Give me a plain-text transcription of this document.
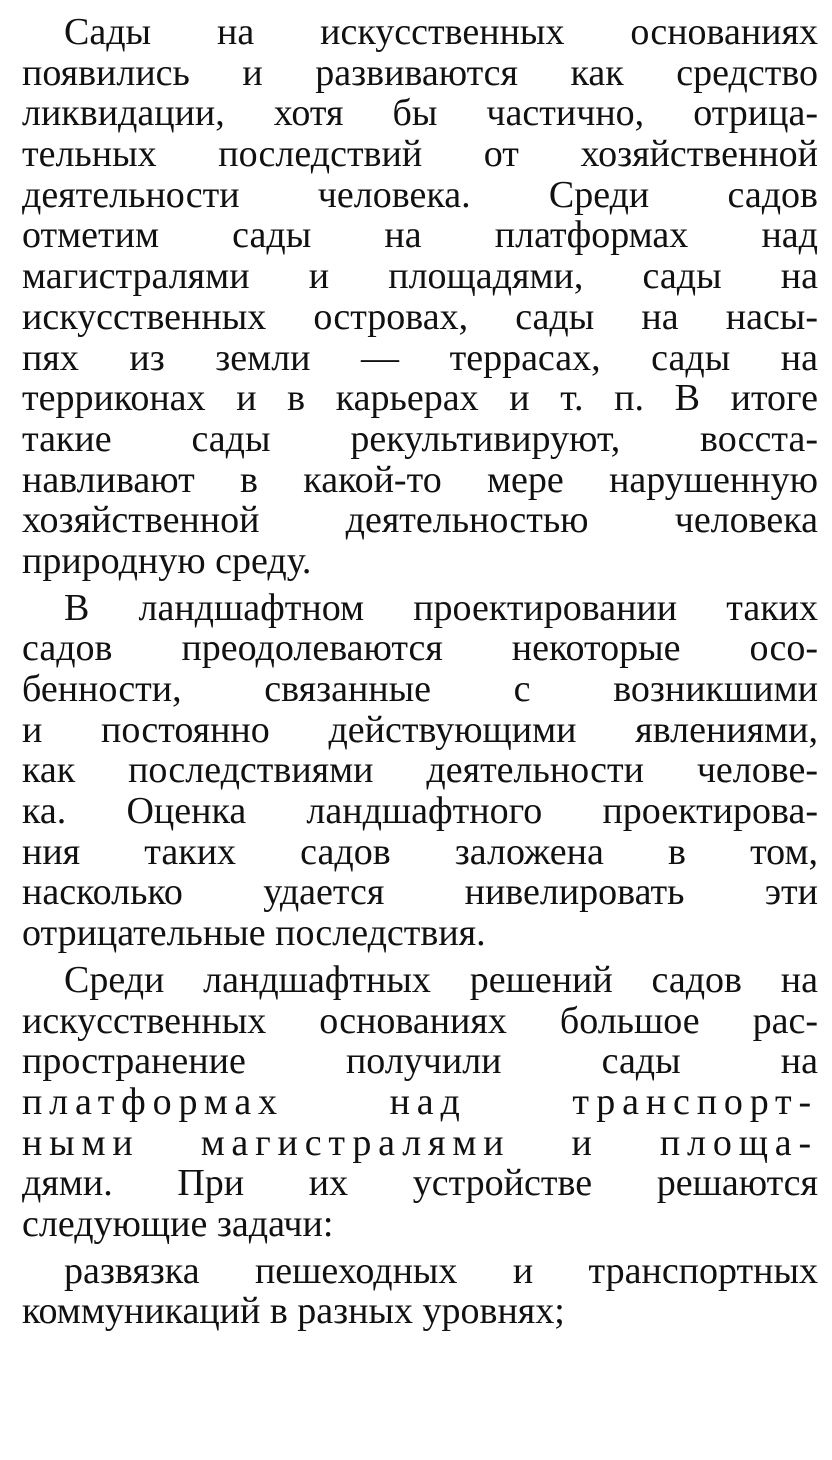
Сады на искусственных основаниях
появились и развиваются как средство
ликвидации, хотя бы частично, отрица-
тельных последствий от хозяйственной
деятельности человека. Среди садов
отметим сады на платформах над
магистралями и площадями, сады на
искусственных островах, сады на насы-
пях из земли — террасах, сады на
терриконах и в карьерах и т. п. В итоге
такие сады рекультивируют, восста-
навливают в какой-то мере нарушенную
хозяйственной деятельностью человека
природную среду.
В ландшафтном проектировании таких
садов преодолеваются некоторые осо-
бенности, связанные с возникшими
и постоянно действующими явлениями,
как последствиями деятельности челове-
ка. Оценка ландшафтного проектирова-
ния таких садов заложена в том,
насколько удается нивелировать эти
отрицательные последствия.
Среди ландшафтных решений садов на
искусственных основаниях большое рас-
пространение получили сады на
платформах над транспорт-
ными магистралями и площа-
дями. При их устройстве решаются
следующие задачи:
развязка пешеходных и транспортных
коммуникаций в разных уровнях;
